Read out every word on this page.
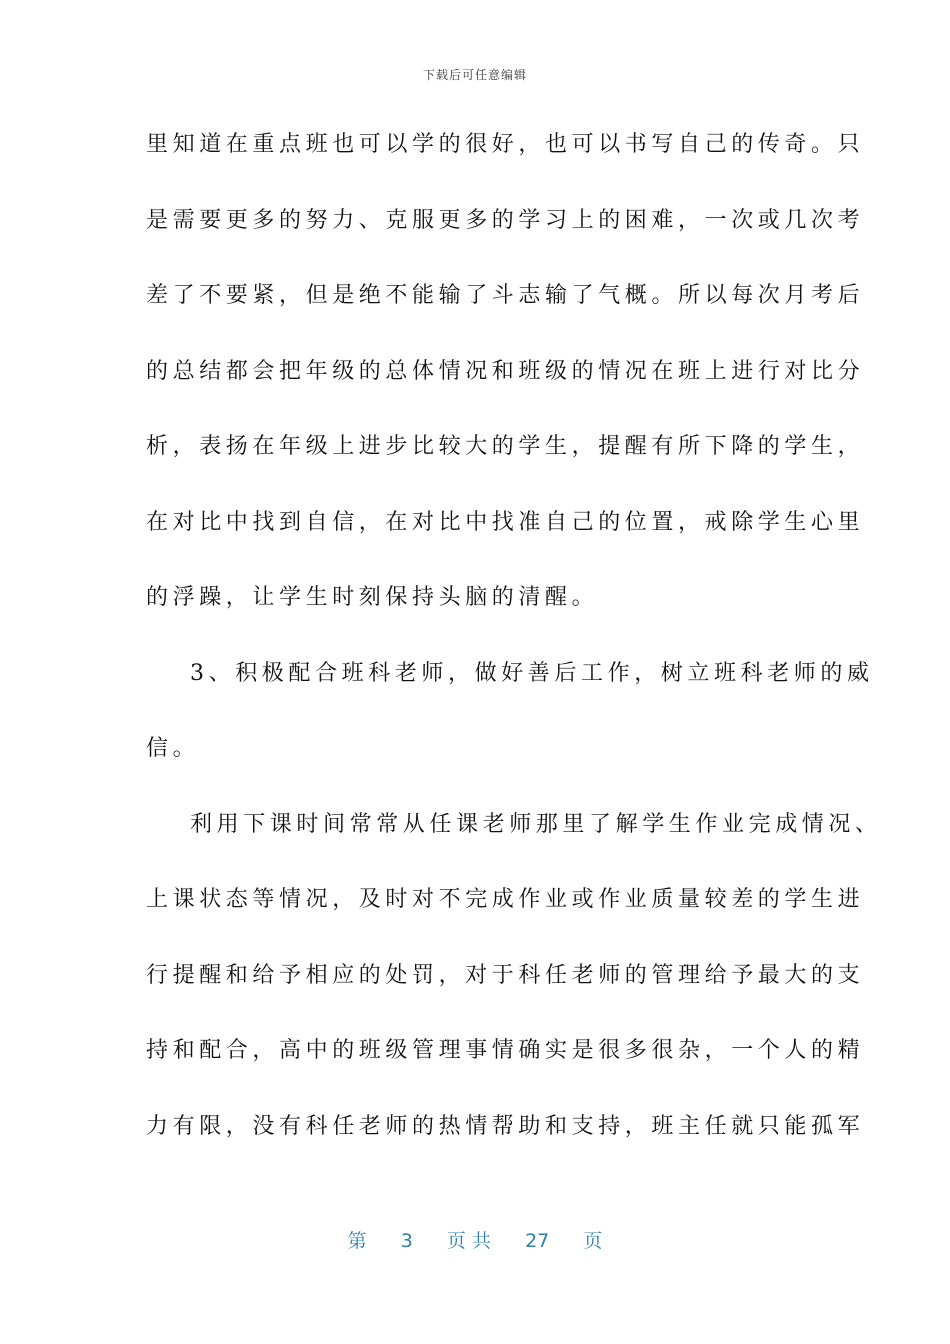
下载后可任意编辑
里知道在重点班也可以学的很好，也可以书写自己的传奇。只
是需要更多的努力、克服更多的学习上的困难，一次或几次考
差了不要紧，但是绝不能输了斗志输了气概。所以每次月考后
的总结都会把年级的总体情况和班级的情况在班上进行对比分
析，表扬在年级上进步比较大的学生，提醒有所下降的学生，
在对比中找到自信，在对比中找准自己的位置，戒除学生心里
的浮躁，让学生时刻保持头脑的清醒。
3、积极配合班科老师，做好善后工作，树立班科老师的威
信。
利用下课时间常常从任课老师那里了解学生作业完成情况、
上课状态等情况，及时对不完成作业或作业质量较差的学生进
行提醒和给予相应的处罚，对于科任老师的管理给予最大的支
持和配合，高中的班级管理事情确实是很多很杂，一个人的精
力有限，没有科任老师的热情帮助和支持，班主任就只能孤军
第 3 页 共 27 页
